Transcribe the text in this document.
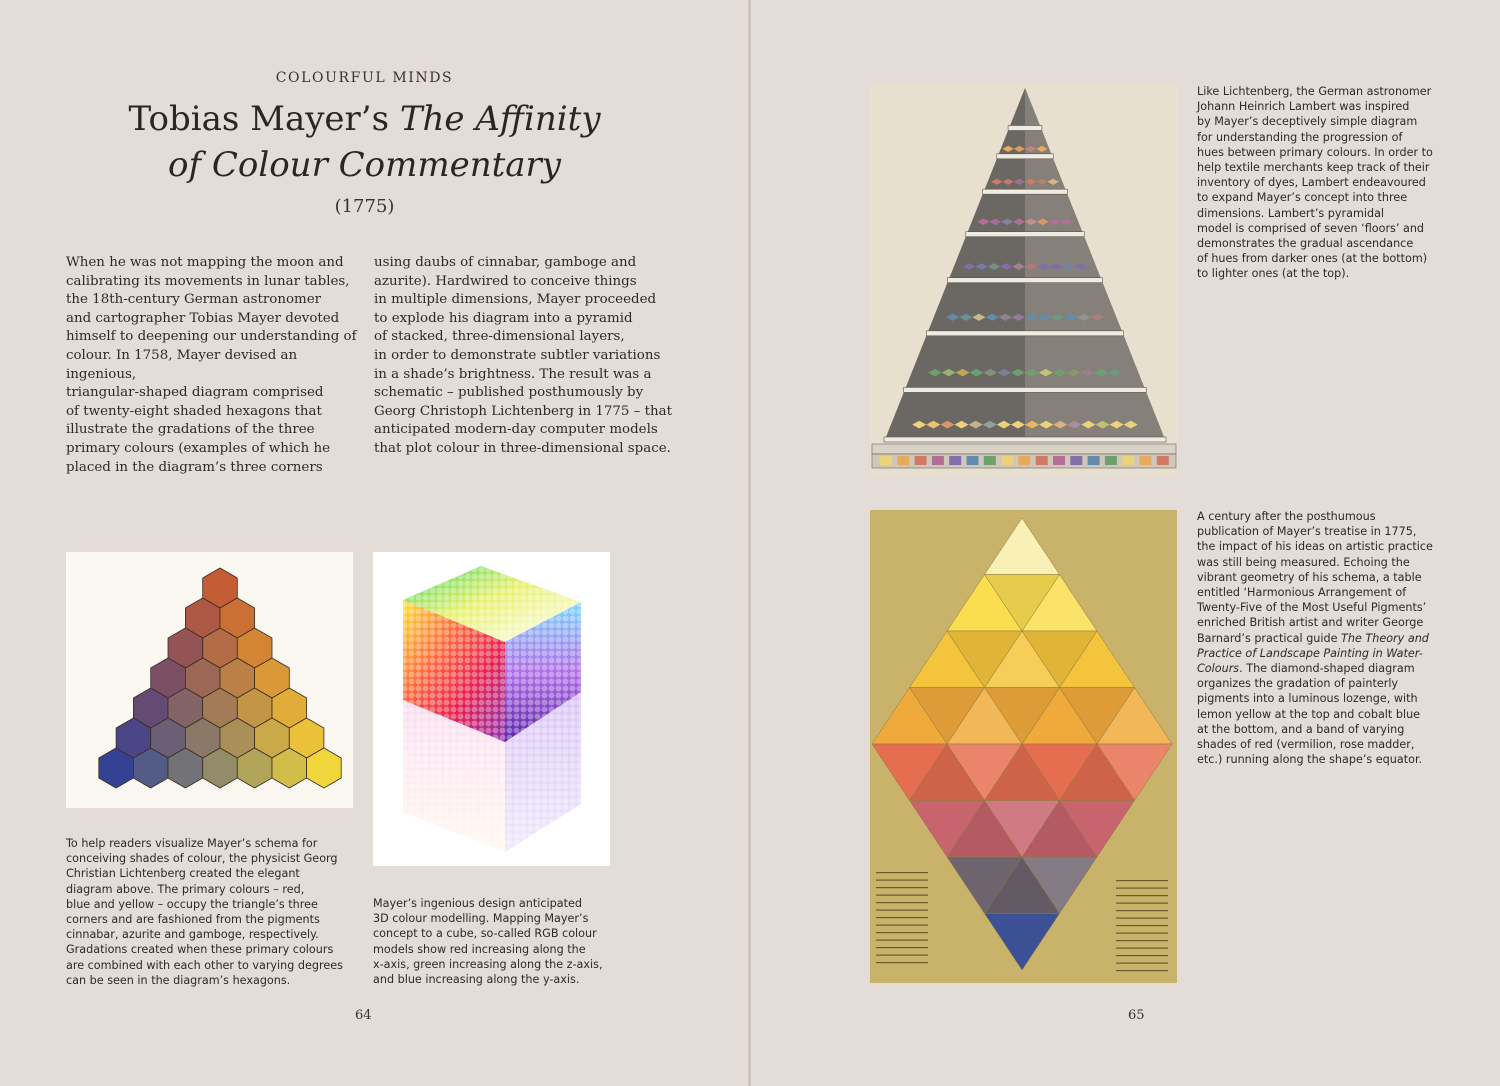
COLOURFUL MINDS
Tobias Mayer’s The Affinity
of Colour Commentary
(1775)
When he was not mapping the moon and
calibrating its movements in lunar tables,
the 18th-century German astronomer
and cartographer Tobias Mayer devoted
himself to deepening our understanding of
colour. In 1758, Mayer devised an ingenious,
triangular-shaped diagram comprised
of twenty-eight shaded hexagons that
illustrate the gradations of the three
primary colours (examples of which he
placed in the diagram’s three corners
using daubs of cinnabar, gamboge and
azurite). Hardwired to conceive things
in multiple dimensions, Mayer proceeded
to explode his diagram into a pyramid
of stacked, three-dimensional layers,
in order to demonstrate subtler variations
in a shade’s brightness. The result was a
schematic – published posthumously by
Georg Christoph Lichtenberg in 1775 – that
anticipated modern-day computer models
that plot colour in three-dimensional space.
To help readers visualize Mayer’s schema for
conceiving shades of colour, the physicist Georg
Christian Lichtenberg created the elegant
diagram above. The primary colours – red,
blue and yellow – occupy the triangle’s three
corners and are fashioned from the pigments
cinnabar, azurite and gamboge, respectively.
Gradations created when these primary colours
are combined with each other to varying degrees
can be seen in the diagram’s hexagons.
Mayer’s ingenious design anticipated
3D colour modelling. Mapping Mayer’s
concept to a cube, so-called RGB colour
models show red increasing along the
x-axis, green increasing along the z-axis,
and blue increasing along the y-axis.
64
Like Lichtenberg, the German astronomer
Johann Heinrich Lambert was inspired
by Mayer’s deceptively simple diagram
for understanding the progression of
hues between primary colours. In order to
help textile merchants keep track of their
inventory of dyes, Lambert endeavoured
to expand Mayer’s concept into three
dimensions. Lambert’s pyramidal
model is comprised of seven ‘floors’ and
demonstrates the gradual ascendance
of hues from darker ones (at the bottom)
to lighter ones (at the top).
A century after the posthumous
publication of Mayer’s treatise in 1775,
the impact of his ideas on artistic practice
was still being measured. Echoing the
vibrant geometry of his schema, a table
entitled ‘Harmonious Arrangement of
Twenty-Five of the Most Useful Pigments’
enriched British artist and writer George
Barnard’s practical guide The Theory and
Practice of Landscape Painting in Water-
Colours. The diamond-shaped diagram
organizes the gradation of painterly
pigments into a luminous lozenge, with
lemon yellow at the top and cobalt blue
at the bottom, and a band of varying
shades of red (vermilion, rose madder,
etc.) running along the shape’s equator.
65
